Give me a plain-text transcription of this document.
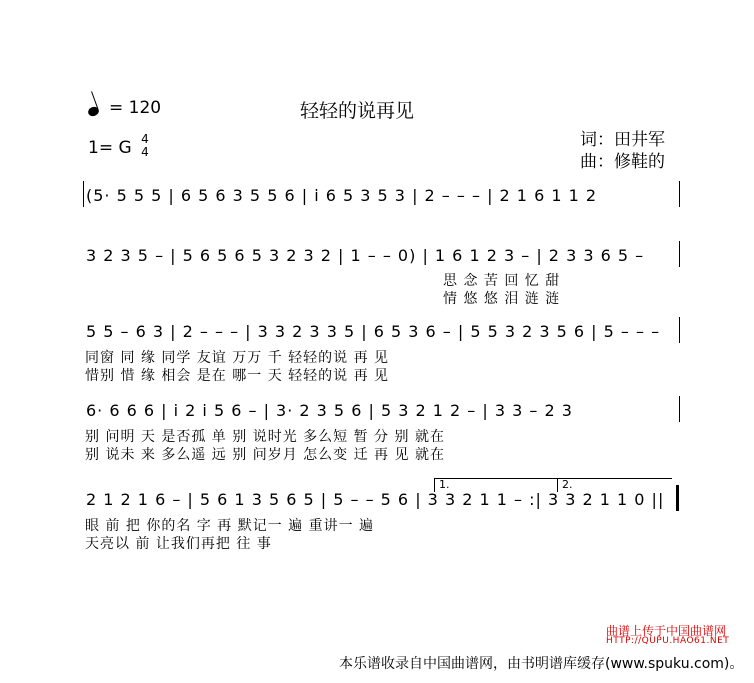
轻轻的说再见
= 120
1= G 4
4
词：田井军
曲：修鞋的
(5· 5 5 5 | 6 5 6 3 5 5 6 | i 6 5 3 5 3 | 2 – – – | 2 1 6 1 1 2
3 2 3 5 – | 5 6 5 6 5 3 2 3 2 | 1 – – 0) | 1 6 1 2 3 – | 2 3 3 6 5 –
思 念 苦 回 忆 甜
情 悠 悠 泪 涟 涟
5 5 – 6 3 | 2 – – – | 3 3 2 3 3 5 | 6 5 3 6 – | 5 5 3 2 3 5 6 | 5 – – –
同窗 同 缘 同学 友谊 万万 千 轻轻的说 再 见
惜别 惜 缘 相会 是在 哪一 天 轻轻的说 再 见
6· 6 6 6 | i 2 i 5 6 – | 3· 2 3 5 6 | 5 3 2 1 2 – | 3 3 – 2 3
别 问明 天 是否孤 单 别 说时光 多么短 暂 分 别 就在
别 说未 来 多么遥 远 别 问岁月 怎么变 迁 再 见 就在
1.	2.
2 1 2 1 6 – | 5 6 1 3 5 6 5 | 5 – – 5 6 | 3 3 2 1 1 – :| 3 3 2 1 1 0 ||
眼 前 把 你的名 字 再 默记一 遍 重讲一 遍
天亮以 前 让我们再把 往 事
曲谱上传于中国曲谱网
HTTP://QUPU.HAO61.NET
本乐谱收录自中国曲谱网，由书明谱库缓存(www.spuku.com)。
